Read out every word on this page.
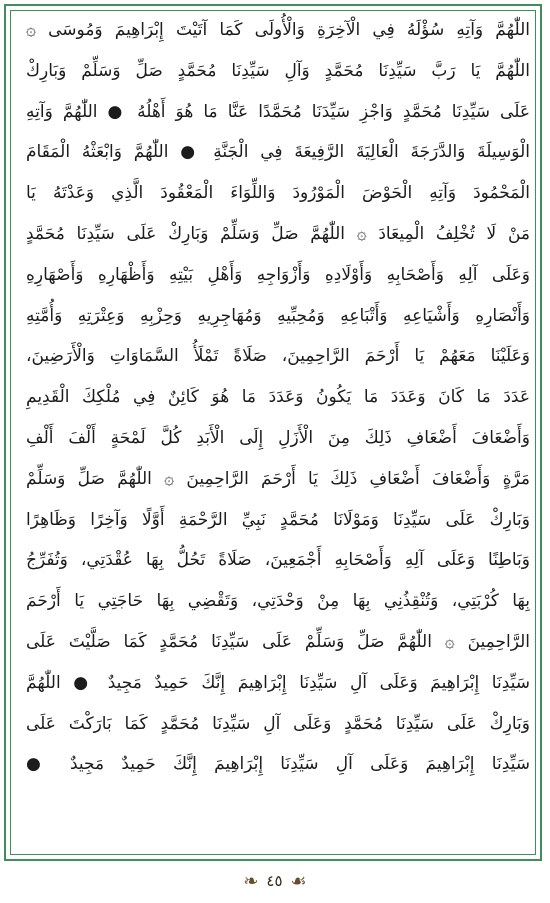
اللّٰهُمَّ وَآتِهِ سُؤْلَهُ فِي الْآخِرَةِ وَالْأُولَى كَمَا آتَيْتَ إِبْرَاهِيمَ وَمُوسَى ۞
اللّٰهُمَّ يَا رَبَّ سَيِّدِنَا مُحَمَّدٍ وَآلِ سَيِّدِنَا مُحَمَّدٍ صَلِّ وَسَلِّمْ وَبَارِكْ
عَلَى سَيِّدِنَا مُحَمَّدٍ وَاجْزِ سَيِّدَنَا مُحَمَّدًا عَنَّا مَا هُوَ أَهْلُهُ ● اللّٰهُمَّ وَآتِهِ
الْوَسِيلَةَ وَالدَّرَجَةَ الْعَالِيَةَ الرَّفِيعَةَ فِي الْجَنَّةِ ● اللّٰهُمَّ وَابْعَثْهُ الْمَقَامَ
الْمَحْمُودَ وَآتِهِ الْحَوْضَ الْمَوْرُودَ وَاللِّوَاءَ الْمَعْقُودَ الَّذِي وَعَدْتَهُ يَا
مَنْ لَا تُخْلِفُ الْمِيعَادَ ۞ اللّٰهُمَّ صَلِّ وَسَلِّمْ وَبَارِكْ عَلَى سَيِّدِنَا مُحَمَّدٍ
وَعَلَى آلِهِ وَأَصْحَابِهِ وَأَوْلَادِهِ وَأَزْوَاجِهِ وَأَهْلِ بَيْتِهِ وَأَظْهَارِهِ وَأَصْهَارِهِ
وَأَنْصَارِهِ وَأَشْيَاعِهِ وَأَتْبَاعِهِ وَمُحِبِّيهِ وَمُهَاجِرِيهِ وَحِزْبِهِ وَعِتْرَتِهِ وَأُمَّتِهِ
وَعَلَيْنَا مَعَهُمْ يَا أَرْحَمَ الرَّاحِمِينَ، صَلَاةً تَمْلَأُ السَّمَاوَاتِ وَالْأَرَضِينَ،
عَدَدَ مَا كَانَ وَعَدَدَ مَا يَكُونُ وَعَدَدَ مَا هُوَ كَائِنٌ فِي مُلْكِكَ الْقَدِيمِ
وَأَضْعَافَ أَضْعَافِ ذَلِكَ مِنَ الْأَزَلِ إِلَى الْأَبَدِ كُلَّ لَمْحَةٍ أَلْفَ أَلْفِ
مَرَّةٍ وَأَضْعَافَ أَضْعَافِ ذَلِكَ يَا أَرْحَمَ الرَّاحِمِينَ ۞ اللّٰهُمَّ صَلِّ وَسَلِّمْ
وَبَارِكْ عَلَى سَيِّدِنَا وَمَوْلَانَا مُحَمَّدٍ نَبِيِّ الرَّحْمَةِ أَوَّلًا وَآخِرًا وَظَاهِرًا
وَبَاطِنًا وَعَلَى آلِهِ وَأَصْحَابِهِ أَجْمَعِينَ، صَلَاةً تَحُلُّ بِهَا عُقْدَتِي، وَتُفَرِّجُ
بِهَا كُرْبَتِي، وَتُنْقِذُنِي بِهَا مِنْ وَحْدَتِي، وَتَقْضِي بِهَا حَاجَتِي يَا أَرْحَمَ
الرَّاحِمِينَ ۞ اللّٰهُمَّ صَلِّ وَسَلِّمْ عَلَى سَيِّدِنَا مُحَمَّدٍ كَمَا صَلَّيْتَ عَلَى
سَيِّدِنَا إِبْرَاهِيمَ وَعَلَى آلِ سَيِّدِنَا إِبْرَاهِيمَ إِنَّكَ حَمِيدٌ مَجِيدٌ ● اللّٰهُمَّ
وَبَارِكْ عَلَى سَيِّدِنَا مُحَمَّدٍ وَعَلَى آلِ سَيِّدِنَا مُحَمَّدٍ كَمَا بَارَكْتَ عَلَى
سَيِّدِنَا إِبْرَاهِيمَ وَعَلَى آلِ سَيِّدِنَا إِبْرَاهِيمَ إِنَّكَ حَمِيدٌ مَجِيدٌ ●
❧ ٤٥ ☙
